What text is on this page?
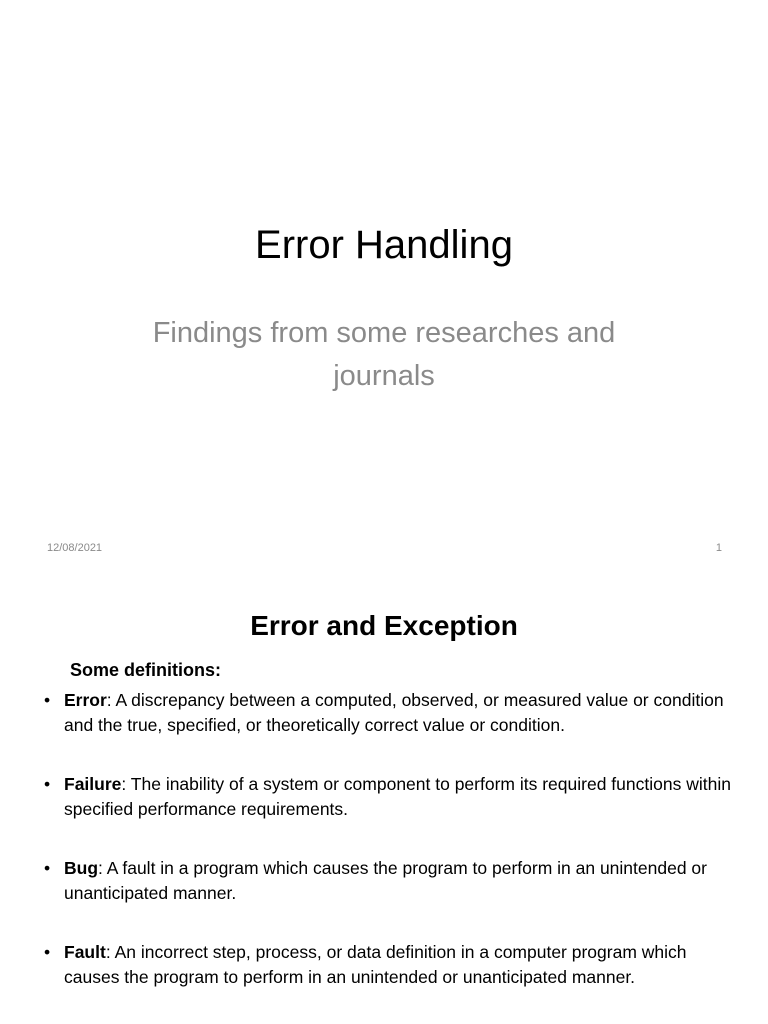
Error Handling
Findings from some researches and journals
12/08/2021	1
Error and Exception
Some definitions:
• Error: A discrepancy between a computed, observed, or measured value or condition and the true, specified, or theoretically correct value or condition.
• Failure: The inability of a system or component to perform its required functions within specified performance requirements.
• Bug: A fault in a program which causes the program to perform in an unintended or unanticipated manner.
• Fault: An incorrect step, process, or data definition in a computer program which causes the program to perform in an unintended or unanticipated manner.
